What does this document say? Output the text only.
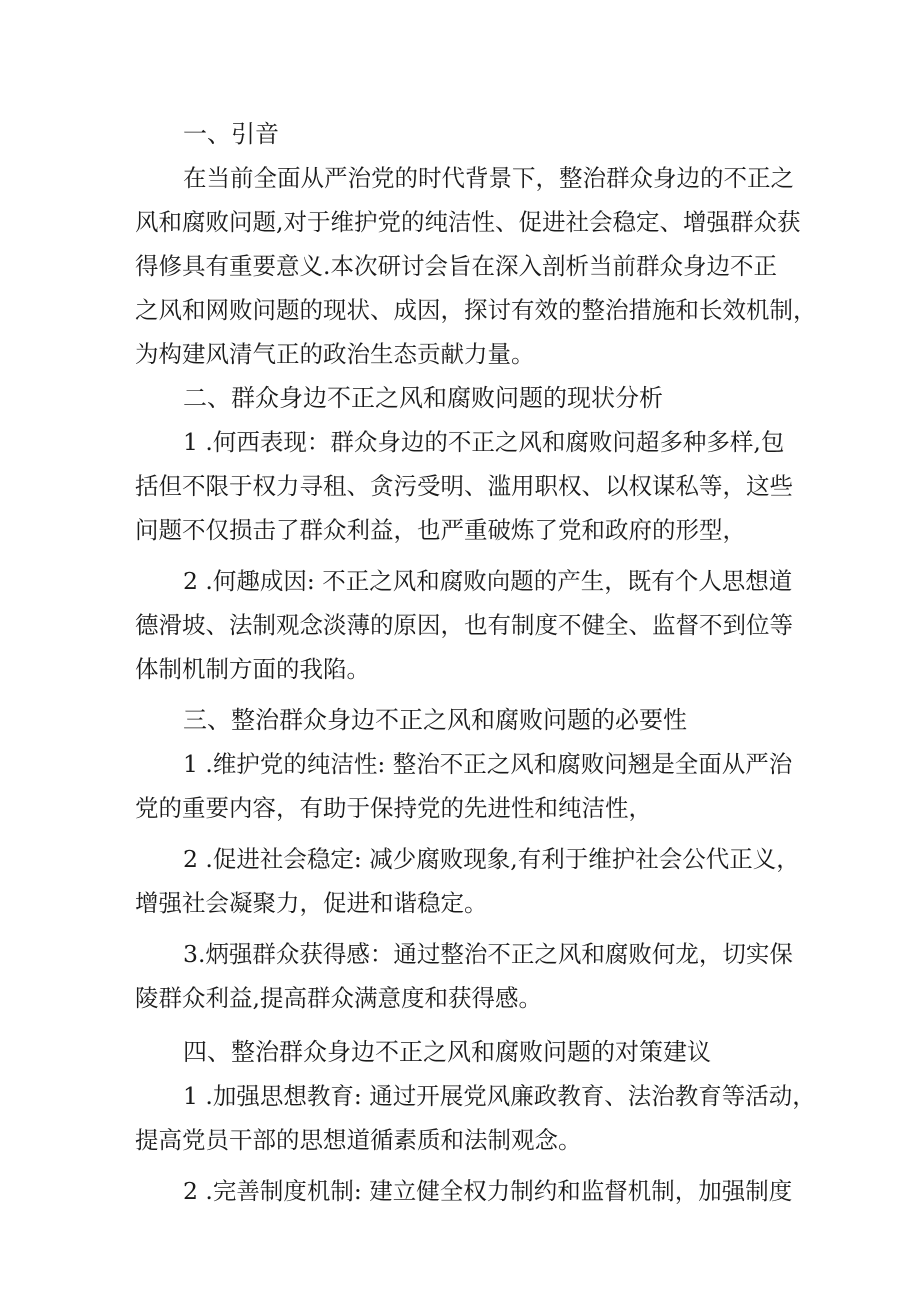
一、引音

在当前全面从严治党的时代背景下，整治群众身边的不正之
风和腐败问题,对于维护党的纯洁性、促进社会稳定、增强群众获
得修具有重要意义.本次研讨会旨在深入剖析当前群众身边不正
之风和网败问题的现状、成因，探讨有效的整治措施和长效机制，
为构建风清气正的政治生态贡献力量。

二、群众身边不正之风和腐败问题的现状分析

1 .何西表现：群众身边的不正之风和腐败问超多种多样,包
括但不限于权力寻租、贪污受明、滥用职权、以权谋私等，这些
问题不仅损击了群众利益，也严重破炼了党和政府的形型，

2 .何趣成因: 不正之风和腐败向题的产生，既有个人思想道
德滑坡、法制观念淡薄的原因，也有制度不健全、监督不到位等
体制机制方面的我陷。

三、整治群众身边不正之风和腐败问题的必要性

1 .维护党的纯洁性: 整治不正之风和腐败问翘是全面从严治
党的重要内容，有助于保持党的先进性和纯洁性，

2 .促进社会稳定: 减少腐败现象,有利于维护社会公代正义，
增强社会凝聚力，促进和谐稳定。

3.炳强群众获得感：通过整治不正之风和腐败何龙，切实保
陵群众利益,提高群众满意度和获得感。

四、整治群众身边不正之风和腐败问题的对策建议

1 .加强思想教育: 通过开展党风廉政教育、法治教育等活动，
提高党员干部的思想道循素质和法制观念。

2 .完善制度机制: 建立健全权力制约和监督机制，加强制度
